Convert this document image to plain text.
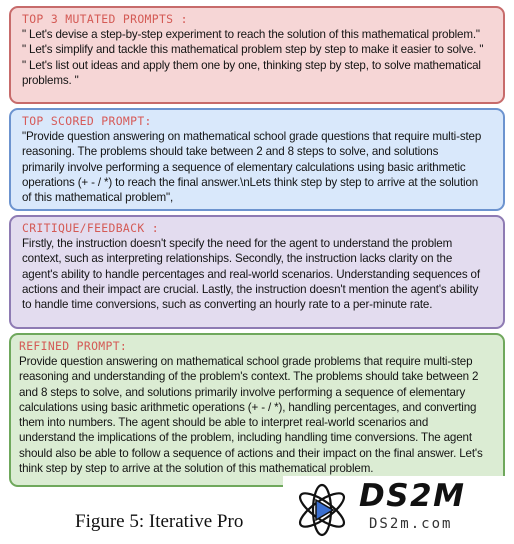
TOP 3 MUTATED PROMPTS :
" Let's devise a step-by-step experiment to reach the solution of this mathematical problem."
" Let's simplify and tackle this mathematical problem step by step to make it easier to solve. "
" Let's list out ideas and apply them one by one, thinking step by step, to solve mathematical
problems. "
TOP SCORED PROMPT:
"Provide question answering on mathematical school grade questions that require multi-step
reasoning. The problems should take between 2 and 8 steps to solve, and solutions
primarily involve performing a sequence of elementary calculations using basic arithmetic
operations (+ - / *) to reach the final answer.\nLets think step by step to arrive at the solution
of this mathematical problem",
CRITIQUE/FEEDBACK :
Firstly, the instruction doesn't specify the need for the agent to understand the problem
context, such as interpreting relationships. Secondly, the instruction lacks clarity on the
agent's ability to handle percentages and real-world scenarios. Understanding sequences of
actions and their impact are crucial. Lastly, the instruction doesn't mention the agent's ability
to handle time conversions, such as converting an hourly rate to a per-minute rate.
REFINED PROMPT:
Provide question answering on mathematical school grade problems that require multi-step
reasoning and understanding of the problem's context. The problems should take between 2
and 8 steps to solve, and solutions primarily involve performing a sequence of elementary
calculations using basic arithmetic operations (+ - / *), handling percentages, and converting
them into numbers. The agent should be able to interpret real-world scenarios and
understand the implications of the problem, including handling time conversions. The agent
should also be able to follow a sequence of actions and their impact on the final answer. Let's
think step by step to arrive at the solution of this mathematical problem.
Figure 5: Iterative Pro
DS2M
DS2m.com
